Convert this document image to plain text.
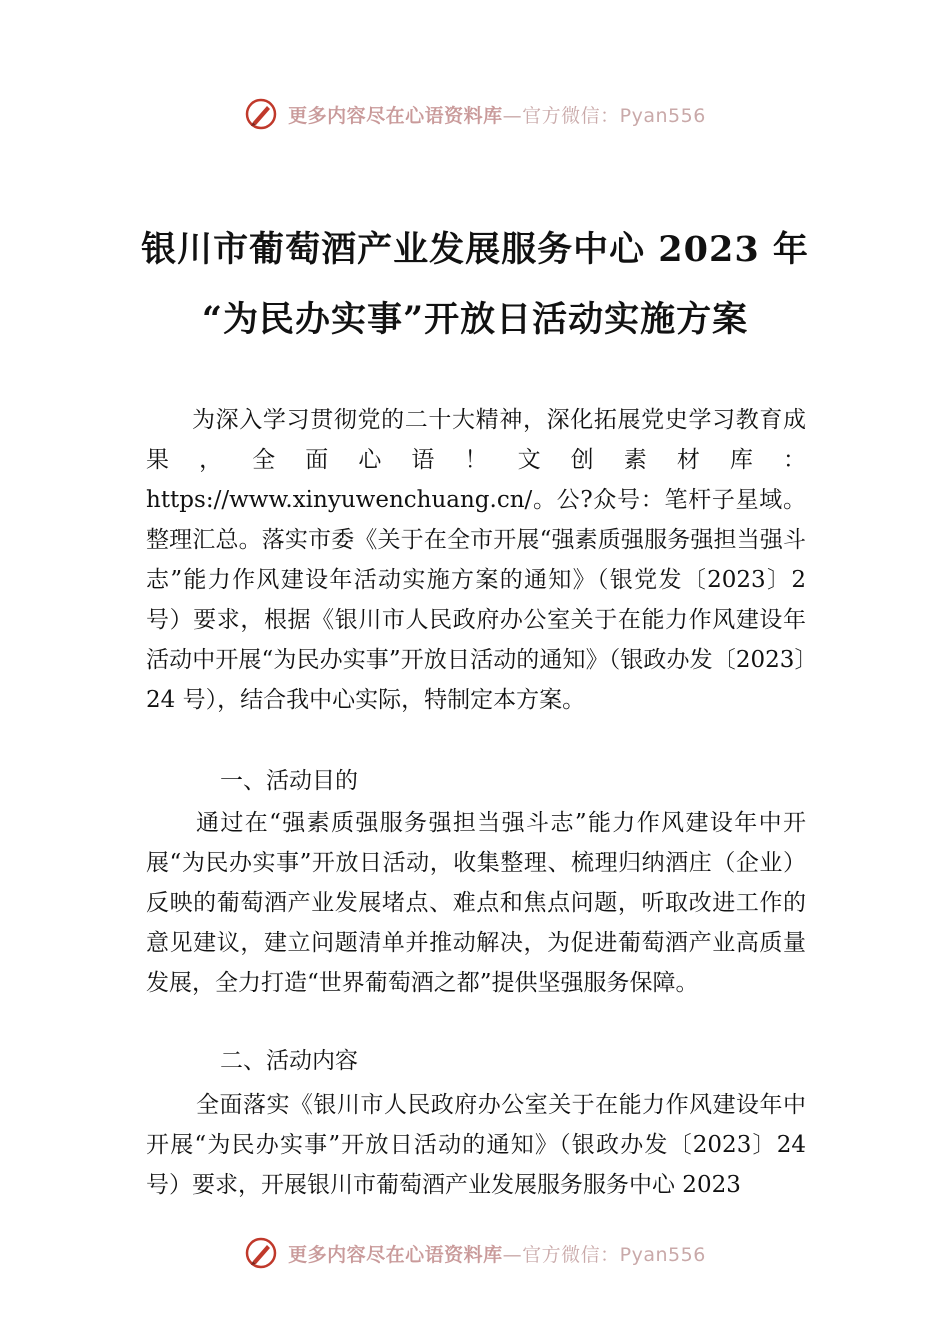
更多内容尽在心语资料库—官方微信：Pyan556
银川市葡萄酒产业发展服务中心 2023 年
“为民办实事”开放日活动实施方案

为深入学习贯彻党的二十大精神，深化拓展党史学习教育成果，全面心语！文创素材库：https://www.xinyuwenchuang.cn/。公?众号：笔杆子星域。整理汇总。落实市委《关于在全市开展“强素质强服务强担当强斗志”能力作风建设年活动实施方案的通知》（银党发〔2023〕2 号）要求，根据《银川市人民政府办公室关于在能力作风建设年活动中开展“为民办实事”开放日活动的通知》（银政办发〔2023〕24 号），结合我中心实际，特制定本方案。

一、活动目的

通过在“强素质强服务强担当强斗志”能力作风建设年中开展“为民办实事”开放日活动，收集整理、梳理归纳酒庄（企业）反映的葡萄酒产业发展堵点、难点和焦点问题，听取改进工作的意见建议，建立问题清单并推动解决，为促进葡萄酒产业高质量发展，全力打造“世界葡萄酒之都”提供坚强服务保障。

二、活动内容

全面落实《银川市人民政府办公室关于在能力作风建设年中开展“为民办实事”开放日活动的通知》（银政办发〔2023〕24 号）要求，开展银川市葡萄酒产业发展服务服务中心 2023

更多内容尽在心语资料库—官方微信：Pyan556
